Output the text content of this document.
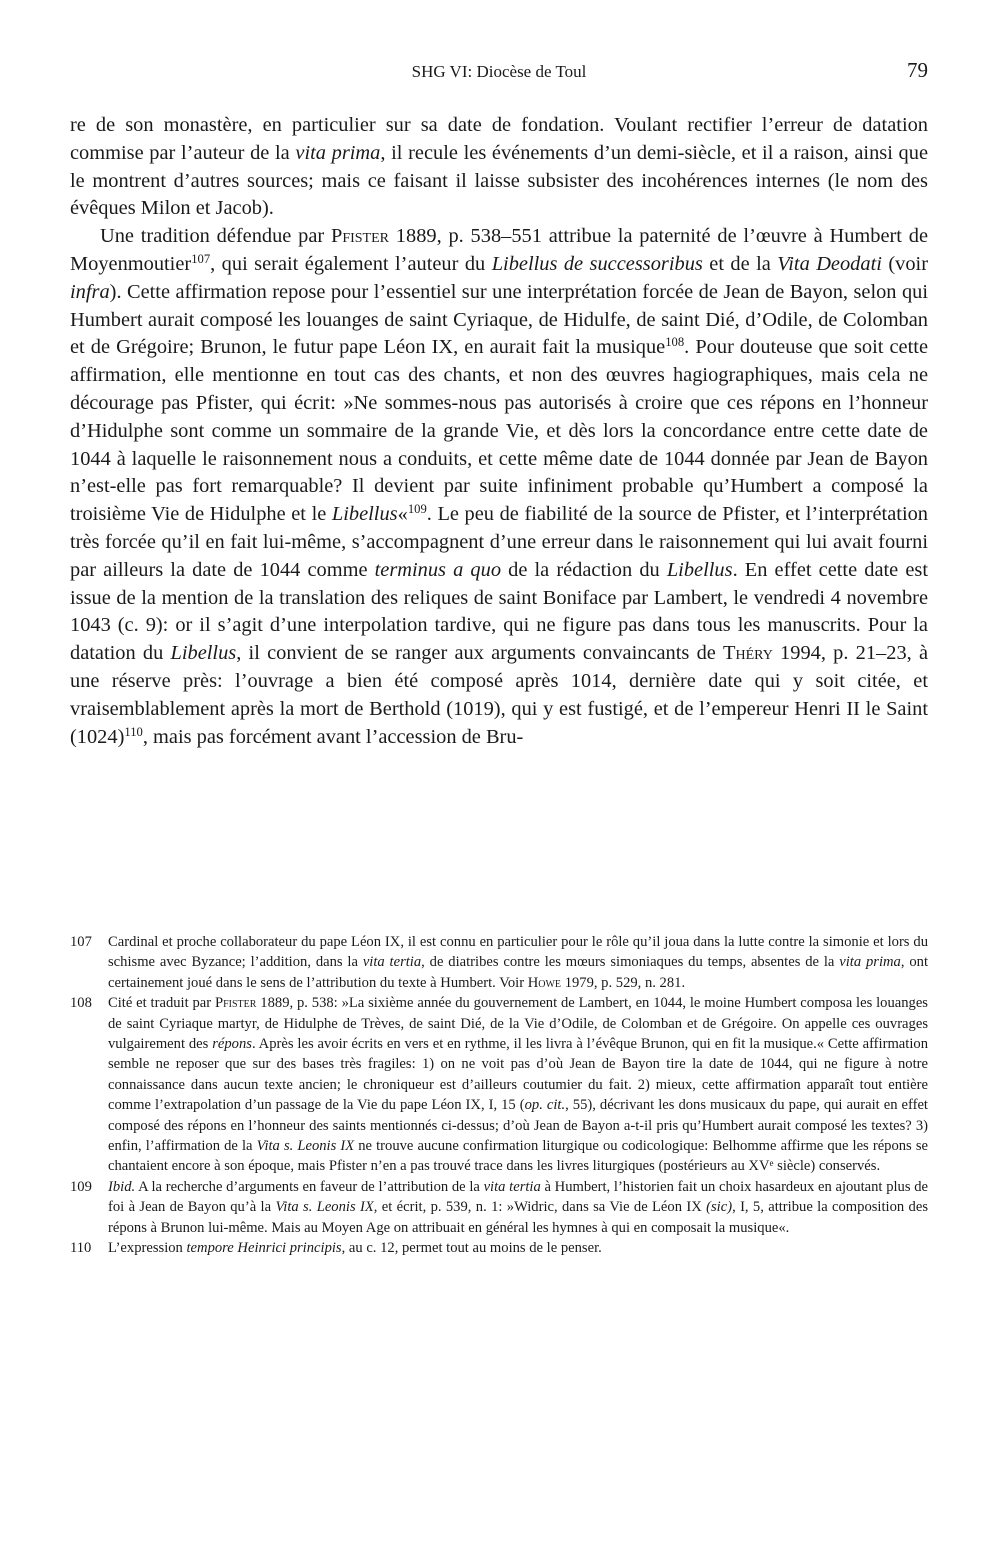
SHG VI: Diocèse de Toul	79

re de son monastère, en particulier sur sa date de fondation. Voulant rectifier l’erreur de datation commise par l’auteur de la vita prima, il recule les événements d’un demi-siècle, et il a raison, ainsi que le montrent d’autres sources; mais ce faisant il laisse subsister des incohérences internes (le nom des évêques Milon et Jacob).

Une tradition défendue par Pfister 1889, p. 538–551 attribue la paternité de l’œuvre à Humbert de Moyenmoutier$^{107}$, qui serait également l’auteur du Libellus de successoribus et de la Vita Deodati (voir infra). Cette affirmation repose pour l’essentiel sur une interprétation forcée de Jean de Bayon, selon qui Humbert aurait composé les louanges de saint Cyriaque, de Hidulfe, de saint Dié, d’Odile, de Colomban et de Grégoire; Brunon, le futur pape Léon IX, en aurait fait la musique$^{108}$. Pour douteuse que soit cette affirmation, elle mentionne en tout cas des chants, et non des œuvres hagiographiques, mais cela ne décourage pas Pfister, qui écrit: »Ne sommes-nous pas autorisés à croire que ces répons en l’honneur d’Hidulphe sont comme un sommaire de la grande Vie, et dès lors la concordance entre cette date de 1044 à laquelle le raisonnement nous a conduits, et cette même date de 1044 donnée par Jean de Bayon n’est-elle pas fort remarquable? Il devient par suite infiniment probable qu’Humbert a composé la troisième Vie de Hidulphe et le Libellus«$^{109}$. Le peu de fiabilité de la source de Pfister, et l’interprétation très forcée qu’il en fait lui-même, s’accompagnent d’une erreur dans le raisonnement qui lui avait fourni par ailleurs la date de 1044 comme terminus a quo de la rédaction du Libellus. En effet cette date est issue de la mention de la translation des reliques de saint Boniface par Lambert, le vendredi 4 novembre 1043 (c. 9): or il s’agit d’une interpolation tardive, qui ne figure pas dans tous les manuscrits. Pour la datation du Libellus, il convient de se ranger aux arguments convaincants de Théry 1994, p. 21–23, à une réserve près: l’ouvrage a bien été composé après 1014, dernière date qui y soit citée, et vraisemblablement après la mort de Berthold (1019), qui y est fustigé, et de l’empereur Henri II le Saint $(1024)^{110}$, mais pas forcément avant l’accession de Bru-

107 Cardinal et proche collaborateur du pape Léon IX, il est connu en particulier pour le rôle qu’il joua dans la lutte contre la simonie et lors du schisme avec Byzance; l’addition, dans la vita tertia, de diatribes contre les mœurs simoniaques du temps, absentes de la vita prima, ont certainement joué dans le sens de l’attribution du texte à Humbert. Voir Howe 1979, p. 529, n. 281.

108 Cité et traduit par Pfister 1889, p. 538: »La sixième année du gouvernement de Lambert, en 1044, le moine Humbert composa les louanges de saint Cyriaque martyr, de Hidulphe de Trèves, de saint Dié, de la Vie d’Odile, de Colomban et de Grégoire. On appelle ces ouvrages vulgairement des répons. Après les avoir écrits en vers et en rythme, il les livra à l’évêque Brunon, qui en fit la musique.« Cette affirmation semble ne reposer que sur des bases très fragiles: 1) on ne voit pas d’où Jean de Bayon tire la date de 1044, qui ne figure à notre connaissance dans aucun texte ancien; le chroniqueur est d’ailleurs coutumier du fait. 2) mieux, cette affirmation apparaît tout entière comme l’extrapolation d’un passage de la Vie du pape Léon IX, I, 15 (op. cit., 55), décrivant les dons musicaux du pape, qui aurait en effet composé des répons en l’honneur des saints mentionnés ci-dessus; d’où Jean de Bayon a-t-il pris qu’Humbert aurait composé les textes? 3) enfin, l’affirmation de la Vita s. Leonis IX ne trouve aucune confirmation liturgique ou codicologique: Belhomme affirme que les répons se chantaient encore à son époque, mais Pfister n’en a pas trouvé trace dans les livres liturgiques (postérieurs au XVe siècle) conservés.

109 Ibid. A la recherche d’arguments en faveur de l’attribution de la vita tertia à Humbert, l’historien fait un choix hasardeux en ajoutant plus de foi à Jean de Bayon qu’à la Vita s. Leonis IX, et écrit, p. 539, n. 1: »Widric, dans sa Vie de Léon IX (sic), I, 5, attribue la composition des répons à Brunon lui-même. Mais au Moyen Age on attribuait en général les hymnes à qui en composait la musique«.

110 L’expression tempore Heinrici principis, au c. 12, permet tout au moins de le penser.
